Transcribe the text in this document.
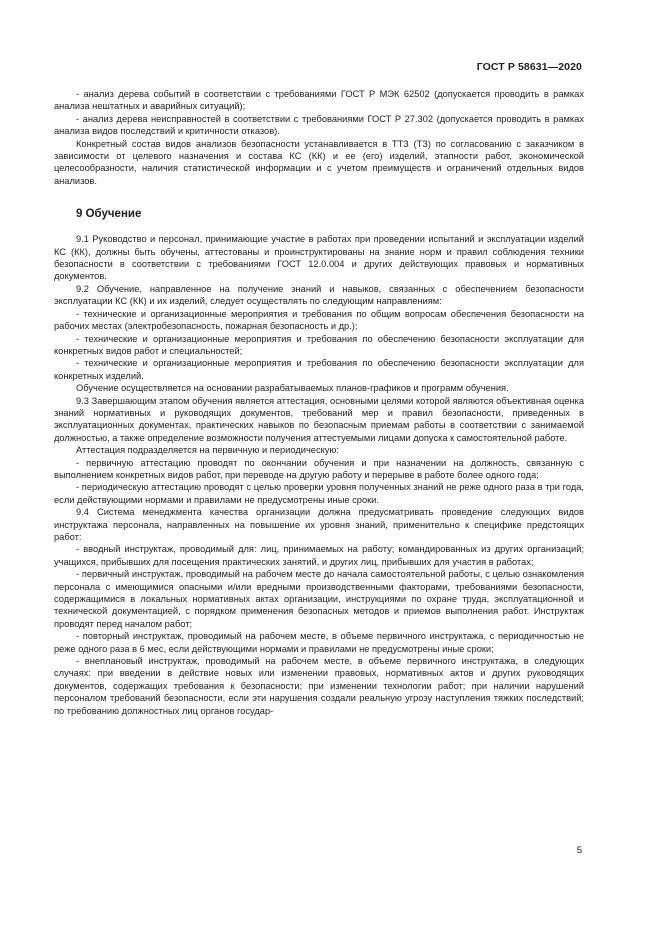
ГОСТ Р 58631—2020

- анализ дерева событий в соответствии с требованиями ГОСТ Р МЭК 62502 (допускается проводить в рамках анализа нештатных и аварийных ситуаций);

- анализ дерева неисправностей в соответствии с требованиями ГОСТ Р 27.302 (допускается проводить в рамках анализа видов последствий и критичности отказов).

Конкретный состав видов анализов безопасности устанавливается в ТТЗ (ТЗ) по согласованию с заказчиком в зависимости от целевого назначения и состава КС (КК) и ее (его) изделий, этапности работ, экономической целесообразности, наличия статистической информации и с учетом преимуществ и ограничений отдельных видов анализов.

9 Обучение

9.1 Руководство и персонал, принимающие участие в работах при проведении испытаний и эксплуатации изделий КС (КК), должны быть обучены, аттестованы и проинструктированы на знание норм и правил соблюдения техники безопасности в соответствии с требованиями ГОСТ 12.0.004 и других действующих правовых и нормативных документов.

9.2 Обучение, направленное на получение знаний и навыков, связанных с обеспечением безопасности эксплуатации КС (КК) и их изделий, следует осуществлять по следующим направлениям:

- технические и организационные мероприятия и требования по общим вопросам обеспечения безопасности на рабочих местах (электробезопасность, пожарная безопасность и др.);

- технические и организационные мероприятия и требования по обеспечению безопасности эксплуатации для конкретных видов работ и специальностей;

- технические и организационные мероприятия и требования по обеспечению безопасности эксплуатации для конкретных изделий.

Обучение осуществляется на основании разрабатываемых планов-графиков и программ обучения.

9.3 Завершающим этапом обучения является аттестация, основными целями которой являются объективная оценка знаний нормативных и руководящих документов, требований мер и правил безопасности, приведенных в эксплуатационных документах, практических навыков по безопасным приемам работы в соответствии с занимаемой должностью, а также определение возможности получения аттестуемыми лицами допуска к самостоятельной работе.

Аттестация подразделяется на первичную и периодическую:

- первичную аттестацию проводят по окончании обучения и при назначении на должность, связанную с выполнением конкретных видов работ, при переводе на другую работу и перерыве в работе более одного года;

- периодическую аттестацию проводят с целью проверки уровня полученных знаний не реже одного раза в три года, если действующими нормами и правилами не предусмотрены иные сроки.

9.4 Система менеджмента качества организации должна предусматривать проведение следующих видов инструктажа персонала, направленных на повышение их уровня знаний, применительно к специфике предстоящих работ:

- вводный инструктаж, проводимый для: лиц, принимаемых на работу; командированных из других организаций; учащихся, прибывших для посещения практических занятий, и других лиц, прибывших для участия в работах;

- первичный инструктаж, проводимый на рабочем месте до начала самостоятельной работы, с целью ознакомления персонала с имеющимися опасными и/или вредными производственными факторами, требованиями безопасности, содержащимися в локальных нормативных актах организации, инструкциями по охране труда, эксплуатационной и технической документацией, с порядком применения безопасных методов и приемов выполнения работ. Инструктаж проводят перед началом работ;

- повторный инструктаж, проводимый на рабочем месте, в объеме первичного инструктажа, с периодичностью не реже одного раза в 6 мес, если действующими нормами и правилами не предусмотрены иные сроки;

- внеплановый инструктаж, проводимый на рабочем месте, в объеме первичного инструктажа, в следующих случаях: при введении в действие новых или изменении правовых, нормативных актов и других руководящих документов, содержащих требования к безопасности; при изменении технологии работ; при наличии нарушений персоналом требований безопасности, если эти нарушения создали реальную угрозу наступления тяжких последствий; по требованию должностных лиц органов государ-

5
